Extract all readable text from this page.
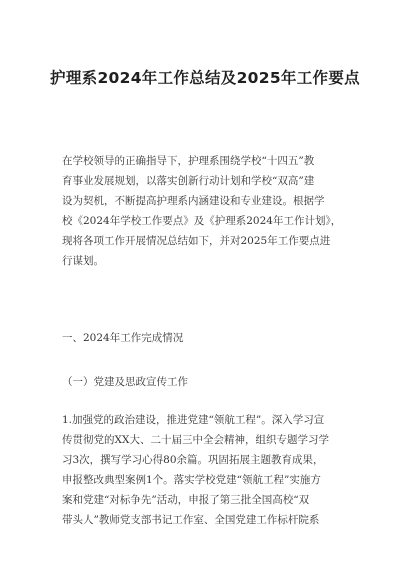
护理系2024年工作总结及2025年工作要点

在学校领导的正确指导下，护理系围绕学校“十四五”教
育事业发展规划，以落实创新行动计划和学校“双高”建
设为契机，不断提高护理系内涵建设和专业建设。根据学
校《2024年学校工作要点》及《护理系2024年工作计划》，
现将各项工作开展情况总结如下，并对2025年工作要点进
行谋划。

一、2024年工作完成情况

（一）党建及思政宣传工作

1.加强党的政治建设，推进党建“领航工程”。深入学习宣
传贯彻党的XX大、二十届三中全会精神，组织专题学习学
习3次，撰写学习心得80余篇。巩固拓展主题教育成果，
申报整改典型案例1个。落实学校党建“领航工程”实施方
案和党建“对标争先”活动，申报了第三批全国高校“双
带头人”教师党支部书记工作室、全国党建工作标杆院系
